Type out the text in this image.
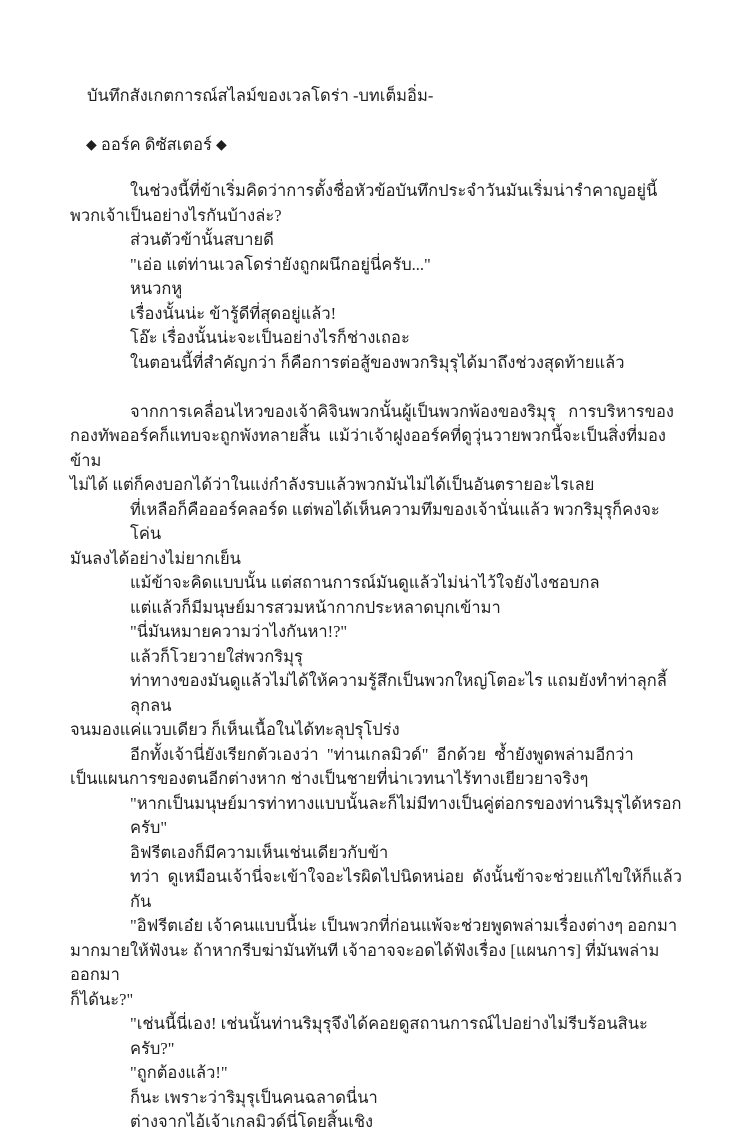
บันทึกสังเกตการณ์สไลม์ของเวลโดร่า -บทเต็มอิ่ม-
◆ ออร์ค ดิซัสเตอร์ ◆
ในช่วงนี้ที่ข้าเริ่มคิดว่าการตั้งชื่อหัวข้อบันทึกประจำวันมันเริ่มน่ารำคาญอยู่นี้
พวกเจ้าเป็นอย่างไรกันบ้างล่ะ?
ส่วนตัวข้านั้นสบายดี
"เอ่อ แต่ท่านเวลโดร่ายังถูกผนึกอยู่นี่ครับ..."
หนวกหู
เรื่องนั้นน่ะ ข้ารู้ดีที่สุดอยู่แล้ว!
โอ๊ะ เรื่องนั้นน่ะจะเป็นอย่างไรก็ช่างเถอะ
ในตอนนี้ที่สำคัญกว่า ก็คือการต่อสู้ของพวกริมุรุได้มาถึงช่วงสุดท้ายแล้ว
จากการเคลื่อนไหวของเจ้าคิจินพวกนั้นผู้เป็นพวกพ้องของริมุรุ   การบริหารของ
กองทัพออร์คก็แทบจะถูกพังทลายสิ้น  แม้ว่าเจ้าฝูงออร์คที่ดูวุ่นวายพวกนี้จะเป็นสิ่งที่มองข้าม
ไม่ได้ แต่ก็คงบอกได้ว่าในแง่กำลังรบแล้วพวกมันไม่ได้เป็นอันตรายอะไรเลย
ที่เหลือก็คือออร์คลอร์ด แต่พอได้เห็นความทึมของเจ้านั่นแล้ว พวกริมุรุก็คงจะโค่น
มันลงได้อย่างไม่ยากเย็น
แม้ข้าจะคิดแบบนั้น แต่สถานการณ์มันดูแล้วไม่น่าไว้ใจยังไงชอบกล
แต่แล้วก็มีมนุษย์มารสวมหน้ากากประหลาดบุกเข้ามา
"นี่มันหมายความว่าไงกันหา!?"
แล้วก็โวยวายใส่พวกริมุรุ
ท่าทางของมันดูแล้วไม่ได้ให้ความรู้สึกเป็นพวกใหญ่โตอะไร แถมยังทำท่าลุกลี้ลุกลน
จนมองแค่แวบเดียว ก็เห็นเนื้อในได้ทะลุปรุโปร่ง
อีกทั้งเจ้านี่ยังเรียกตัวเองว่า  "ท่านเกลมิวด์"  อีกด้วย  ซ้ำยังพูดพล่ามอีกว่า
เป็นแผนการของตนอีกต่างหาก ช่างเป็นชายที่น่าเวทนาไร้ทางเยียวยาจริงๆ
"หากเป็นมนุษย์มารท่าทางแบบนั้นละก็ไม่มีทางเป็นคู่ต่อกรของท่านริมุรุได้หรอกครับ"
อิฟรีตเองก็มีความเห็นเช่นเดียวกับข้า
ทว่า  ดูเหมือนเจ้านี่จะเข้าใจอะไรผิดไปนิดหน่อย  ดังนั้นข้าจะช่วยแก้ไขให้ก็แล้วกัน
"อิฟรีตเอ๋ย เจ้าคนแบบนี้น่ะ เป็นพวกที่ก่อนแพ้จะช่วยพูดพล่ามเรื่องต่างๆ ออกมา
มากมายให้ฟังนะ ถ้าหากรีบฆ่ามันทันที เจ้าอาจจะอดได้ฟังเรื่อง [แผนการ] ที่มันพล่ามออกมา
ก็ได้นะ?"
"เช่นนี้นี่เอง! เช่นนั้นท่านริมุรุจึงได้คอยดูสถานการณ์ไปอย่างไม่รีบร้อนสินะครับ?"
"ถูกต้องแล้ว!"
ก็นะ เพราะว่าริมุรุเป็นคนฉลาดนี่นา
ต่างจากไอ้เจ้าเกลมิวด์นี่โดยสิ้นเชิง
